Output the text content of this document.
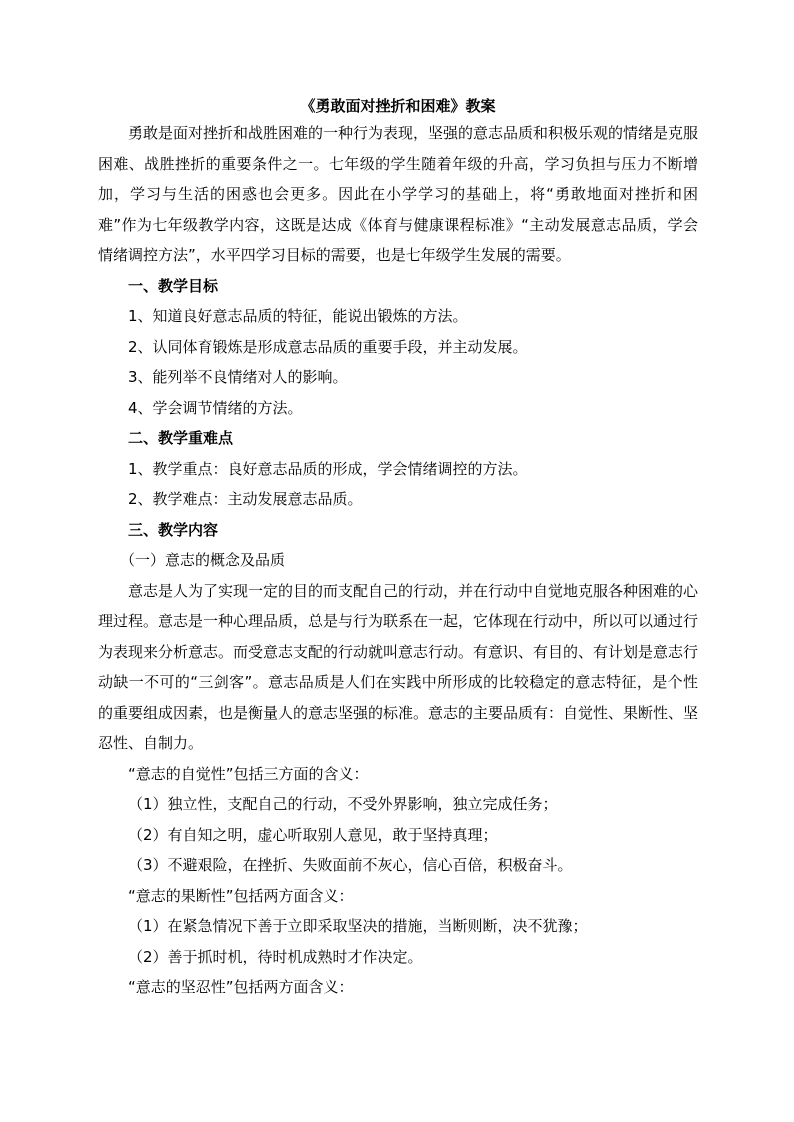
《勇敢面对挫折和困难》教案

勇敢是面对挫折和战胜困难的一种行为表现，坚强的意志品质和积极乐观的情绪是克服困难、战胜挫折的重要条件之一。七年级的学生随着年级的升高，学习负担与压力不断增加，学习与生活的困惑也会更多。因此在小学学习的基础上，将“勇敢地面对挫折和困难”作为七年级教学内容，这既是达成《体育与健康课程标准》“主动发展意志品质，学会情绪调控方法”，水平四学习目标的需要，也是七年级学生发展的需要。

一、教学目标
1、知道良好意志品质的特征，能说出锻炼的方法。
2、认同体育锻炼是形成意志品质的重要手段，并主动发展。
3、能列举不良情绪对人的影响。
4、学会调节情绪的方法。
二、教学重难点
1、教学重点：良好意志品质的形成，学会情绪调控的方法。
2、教学难点：主动发展意志品质。
三、教学内容
（一）意志的概念及品质

意志是人为了实现一定的目的而支配自己的行动，并在行动中自觉地克服各种困难的心理过程。意志是一种心理品质，总是与行为联系在一起，它体现在行动中，所以可以通过行为表现来分析意志。而受意志支配的行动就叫意志行动。有意识、有目的、有计划是意志行动缺一不可的“三剑客”。意志品质是人们在实践中所形成的比较稳定的意志特征，是个性的重要组成因素，也是衡量人的意志坚强的标准。意志的主要品质有：自觉性、果断性、坚忍性、自制力。

“意志的自觉性”包括三方面的含义：
（1）独立性，支配自己的行动，不受外界影响，独立完成任务；
（2）有自知之明，虚心听取别人意见，敢于坚持真理；
（3）不避艰险，在挫折、失败面前不灰心，信心百倍，积极奋斗。
“意志的果断性”包括两方面含义：
（1）在紧急情况下善于立即采取坚决的措施，当断则断，决不犹豫；
（2）善于抓时机，待时机成熟时才作决定。
“意志的坚忍性”包括两方面含义：
